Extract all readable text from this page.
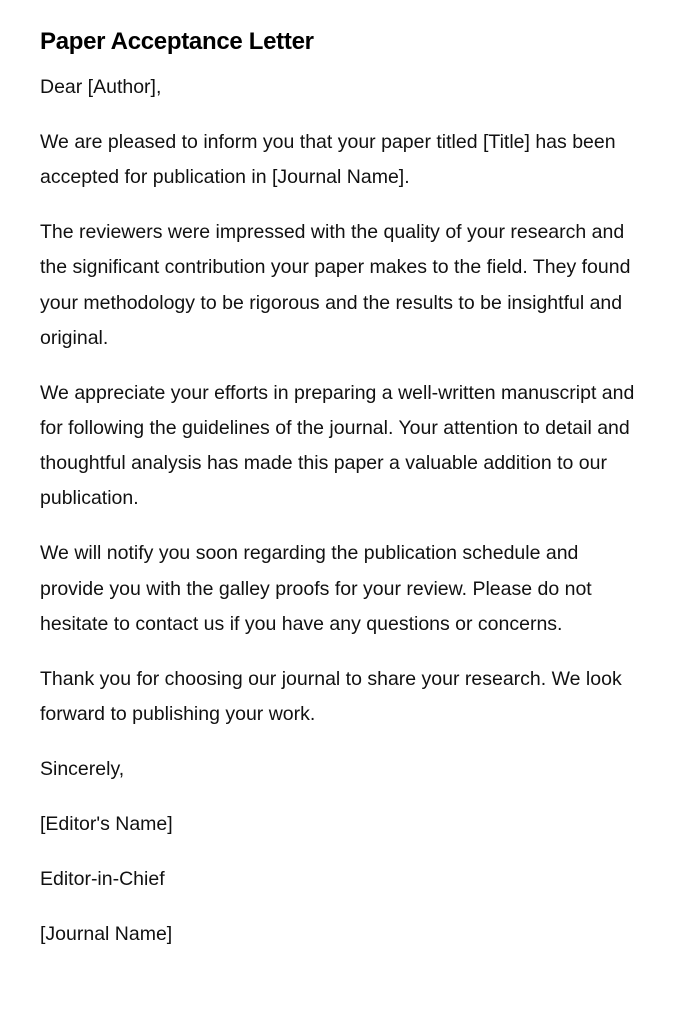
Paper Acceptance Letter

Dear [Author],

We are pleased to inform you that your paper titled [Title] has been accepted for publication in [Journal Name].

The reviewers were impressed with the quality of your research and the significant contribution your paper makes to the field. They found your methodology to be rigorous and the results to be insightful and original.

We appreciate your efforts in preparing a well-written manuscript and for following the guidelines of the journal. Your attention to detail and thoughtful analysis has made this paper a valuable addition to our publication.

We will notify you soon regarding the publication schedule and provide you with the galley proofs for your review. Please do not hesitate to contact us if you have any questions or concerns.

Thank you for choosing our journal to share your research. We look forward to publishing your work.

Sincerely,

[Editor's Name]

Editor-in-Chief

[Journal Name]
